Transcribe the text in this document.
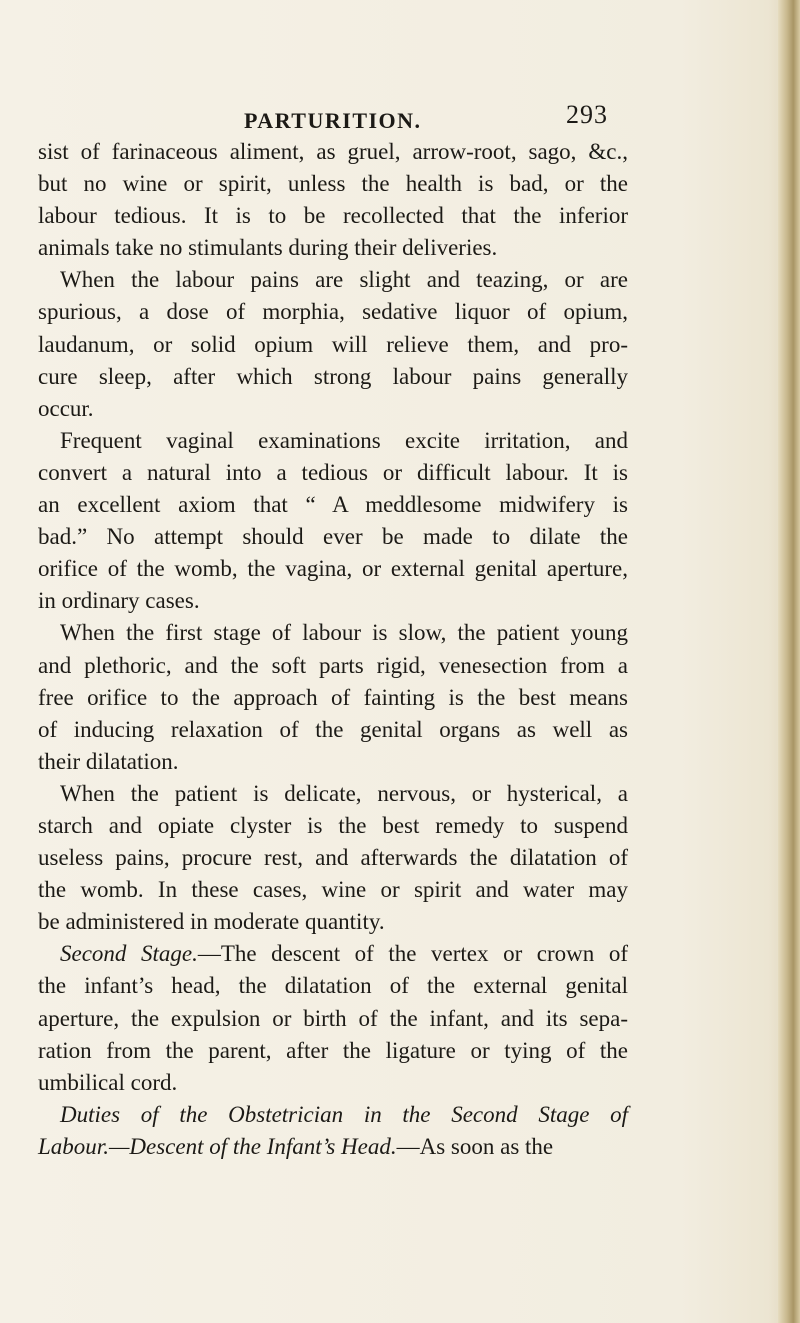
PARTURITION.	293

sist of farinaceous aliment, as gruel, arrow-root, sago, &c.,

but no wine or spirit, unless the health is bad, or the

labour tedious. It is to be recollected that the inferior

animals take no stimulants during their deliveries.

When the labour pains are slight and teazing, or are

spurious, a dose of morphia, sedative liquor of opium,

laudanum, or solid opium will relieve them, and pro-

cure sleep, after which strong labour pains generally

occur.

Frequent vaginal examinations excite irritation, and

convert a natural into a tedious or difficult labour. It is

an excellent axiom that “ A meddlesome midwifery is

bad.” No attempt should ever be made to dilate the

orifice of the womb, the vagina, or external genital aperture,

in ordinary cases.

When the first stage of labour is slow, the patient young

and plethoric, and the soft parts rigid, venesection from a

free orifice to the approach of fainting is the best means

of inducing relaxation of the genital organs as well as

their dilatation.

When the patient is delicate, nervous, or hysterical, a

starch and opiate clyster is the best remedy to suspend

useless pains, procure rest, and afterwards the dilatation of

the womb. In these cases, wine or spirit and water may

be administered in moderate quantity.

Second Stage.—The descent of the vertex or crown of

the infant’s head, the dilatation of the external genital

aperture, the expulsion or birth of the infant, and its sepa-

ration from the parent, after the ligature or tying of the

umbilical cord.

Duties of the Obstetrician in the Second Stage of

Labour.—Descent of the Infant’s Head.—As soon as the
